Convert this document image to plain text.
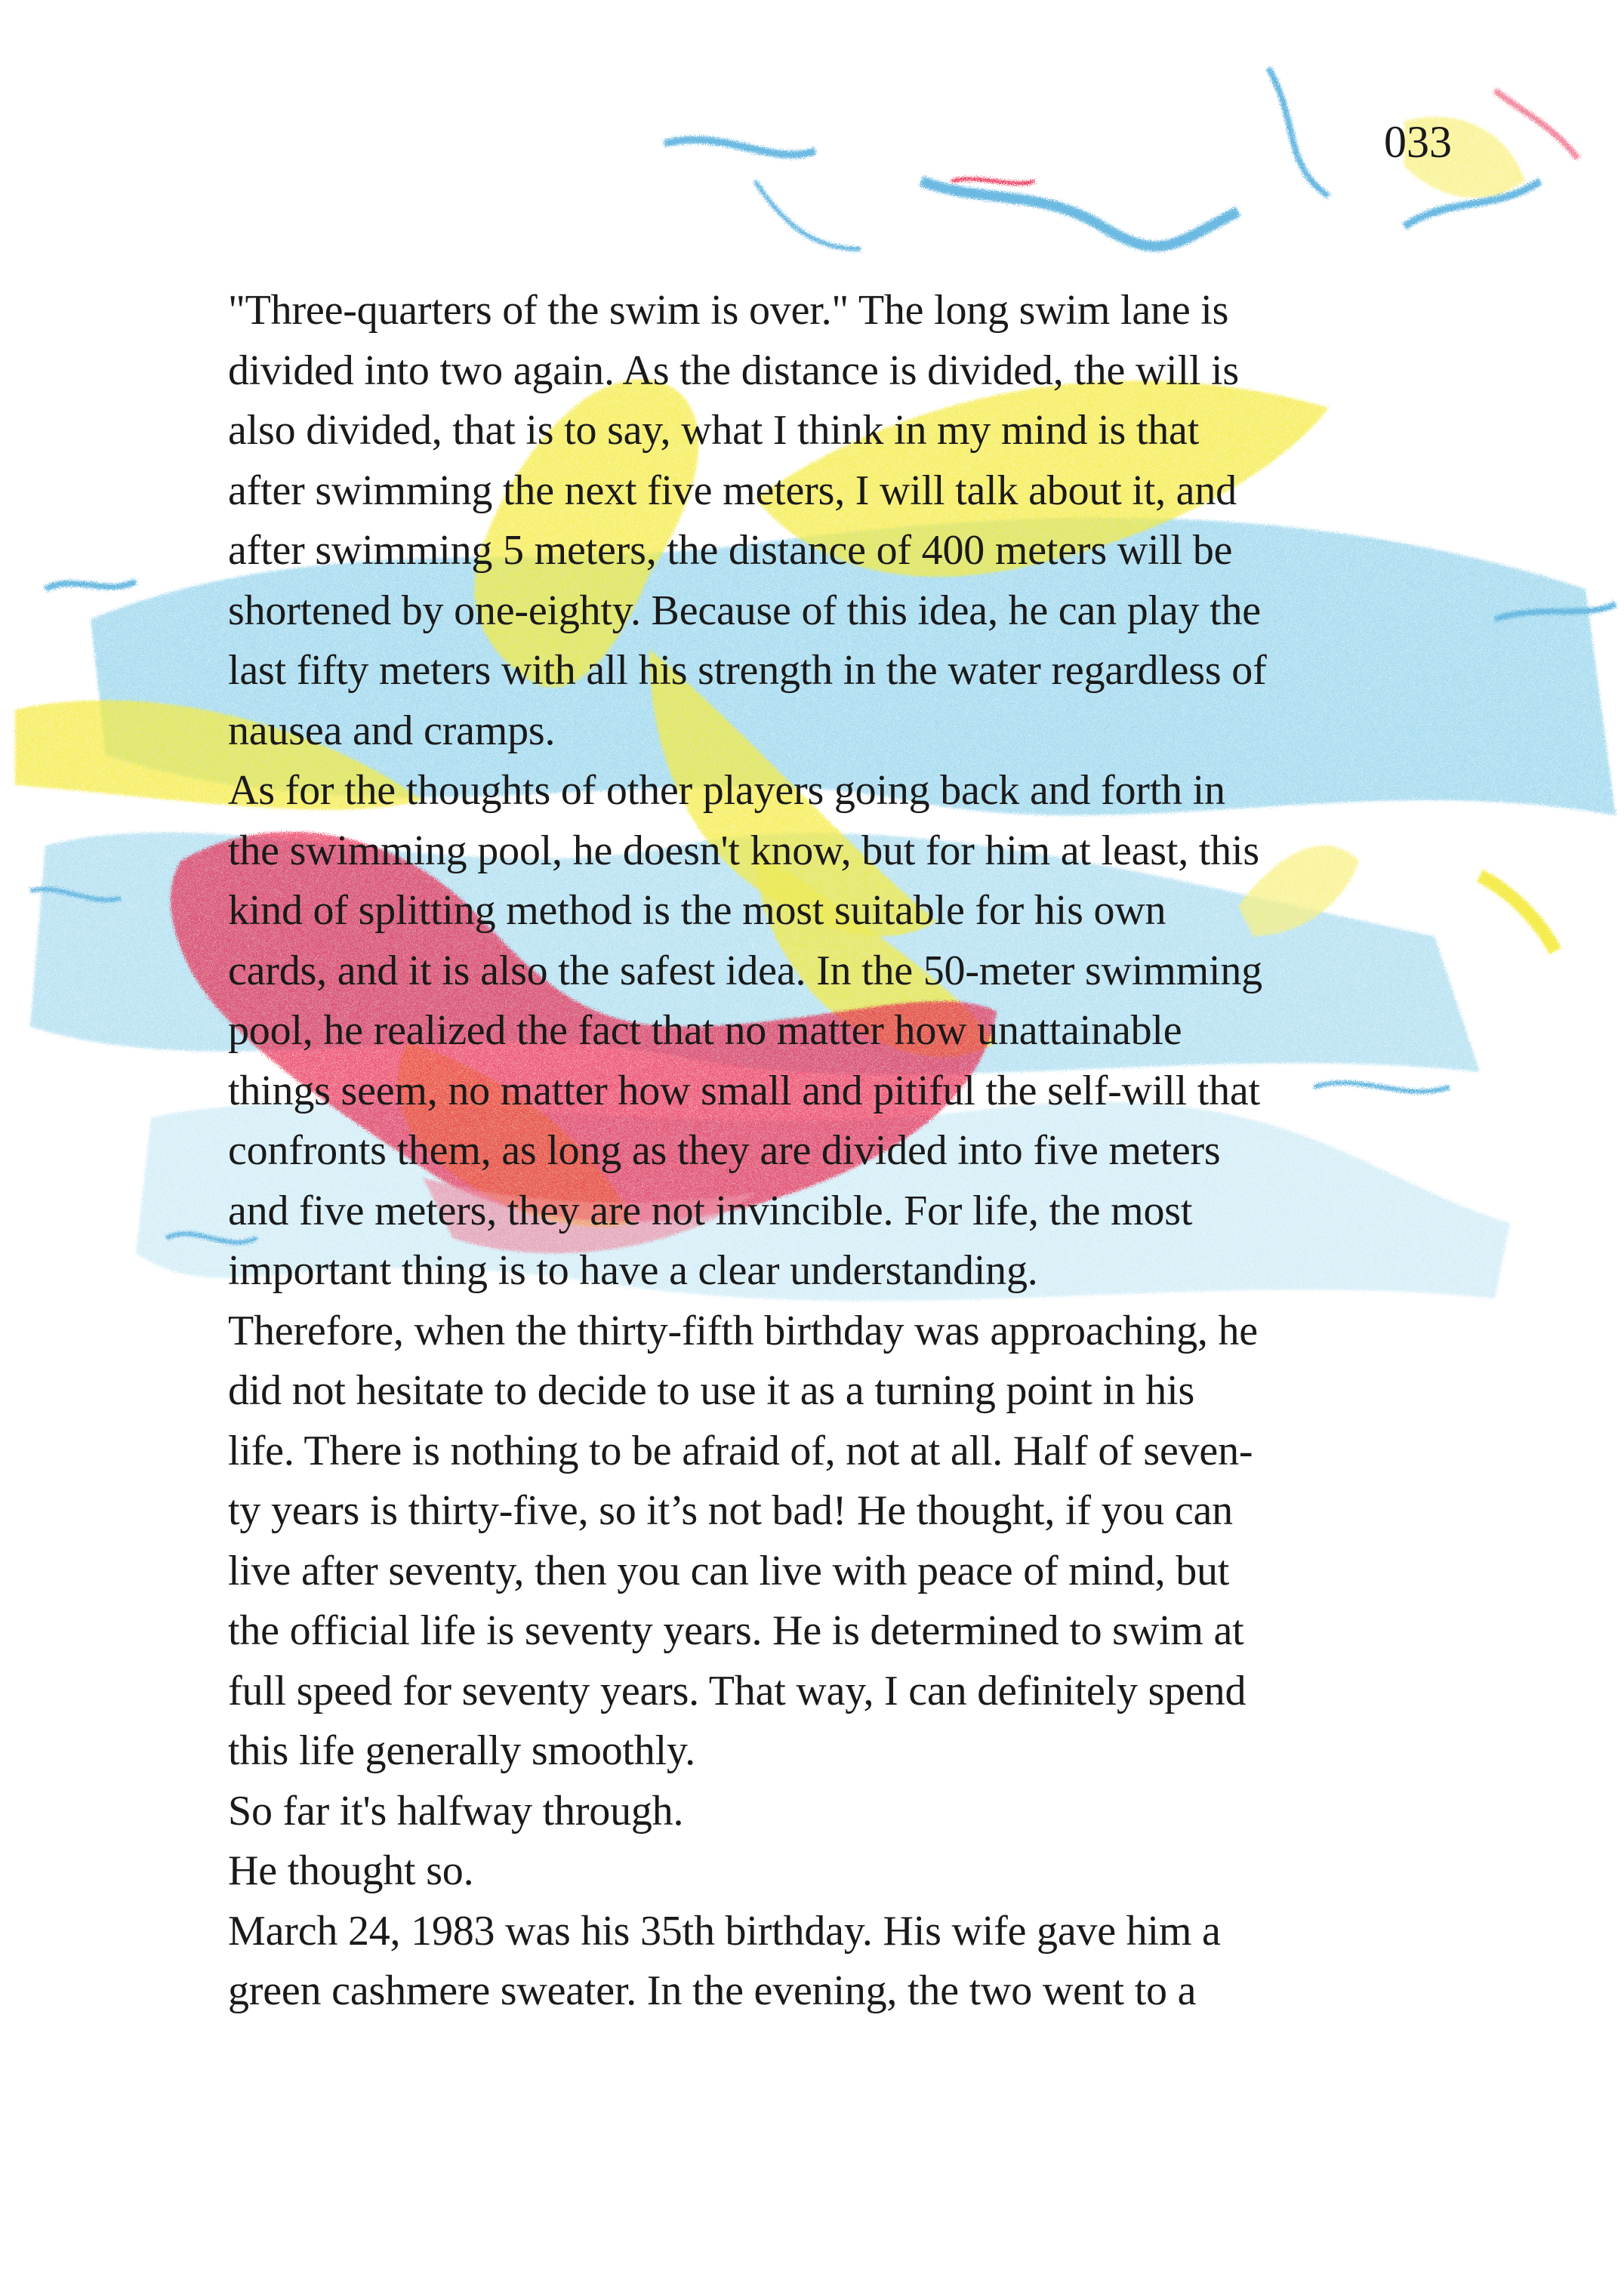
033
"Three-quarters of the swim is over." The long swim lane is
divided into two again. As the distance is divided, the will is
also divided, that is to say, what I think in my mind is that
after swimming the next five meters, I will talk about it, and
after swimming 5 meters, the distance of 400 meters will be
shortened by one-eighty. Because of this idea, he can play the
last fifty meters with all his strength in the water regardless of
nausea and cramps.
As for the thoughts of other players going back and forth in
the swimming pool, he doesn't know, but for him at least, this
kind of splitting method is the most suitable for his own
cards, and it is also the safest idea. In the 50-meter swimming
pool, he realized the fact that no matter how unattainable
things seem, no matter how small and pitiful the self-will that
confronts them, as long as they are divided into five meters
and five meters, they are not invincible. For life, the most
important thing is to have a clear understanding.
Therefore, when the thirty-fifth birthday was approaching, he
did not hesitate to decide to use it as a turning point in his
life. There is nothing to be afraid of, not at all. Half of seven-
ty years is thirty-five, so it’s not bad! He thought, if you can
live after seventy, then you can live with peace of mind, but
the official life is seventy years. He is determined to swim at
full speed for seventy years. That way, I can definitely spend
this life generally smoothly.
So far it's halfway through.
He thought so.
March 24, 1983 was his 35th birthday. His wife gave him a
green cashmere sweater. In the evening, the two went to a
